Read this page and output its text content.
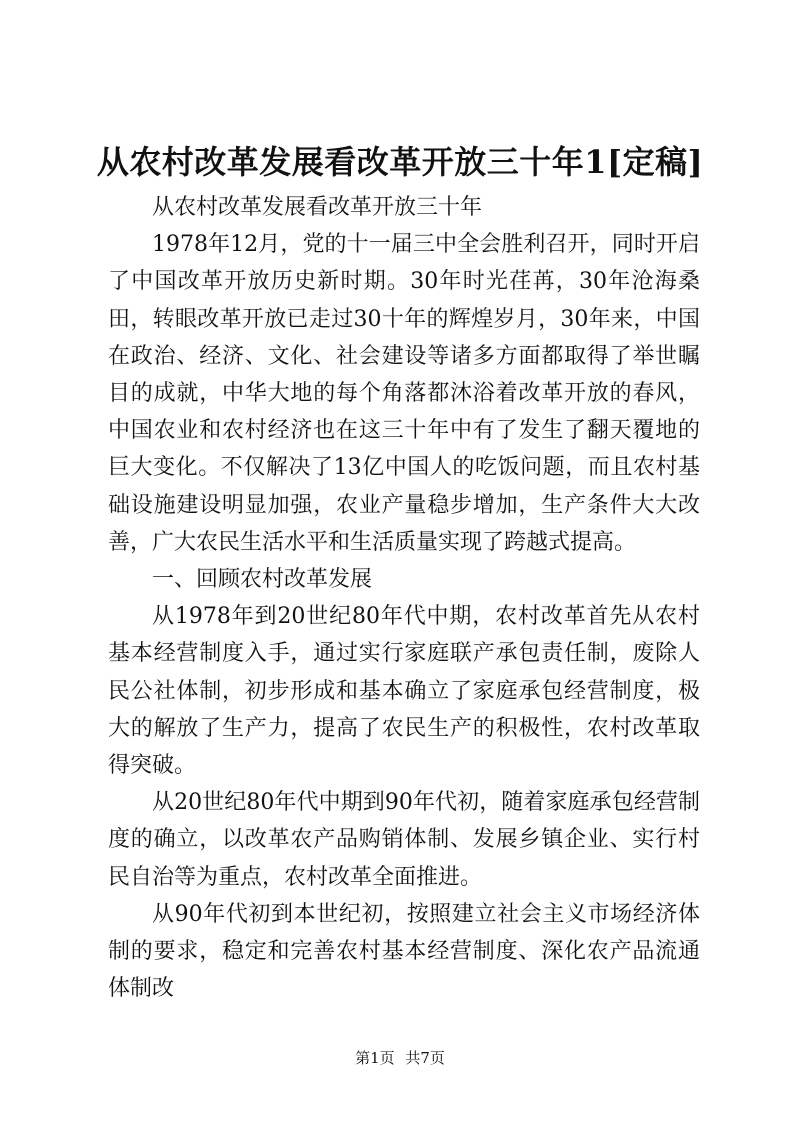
从农村改革发展看改革开放三十年1[定稿]

从农村改革发展看改革开放三十年

1978年12月，党的十一届三中全会胜利召开，同时开启了中国改革开放历史新时期。30年时光荏苒，30年沧海桑田，转眼改革开放已走过30十年的辉煌岁月，30年来，中国在政治、经济、文化、社会建设等诸多方面都取得了举世瞩目的成就，中华大地的每个角落都沐浴着改革开放的春风，中国农业和农村经济也在这三十年中有了发生了翻天覆地的巨大变化。不仅解决了13亿中国人的吃饭问题，而且农村基础设施建设明显加强，农业产量稳步增加，生产条件大大改善，广大农民生活水平和生活质量实现了跨越式提高。

一、回顾农村改革发展

从1978年到20世纪80年代中期，农村改革首先从农村基本经营制度入手，通过实行家庭联产承包责任制，废除人民公社体制，初步形成和基本确立了家庭承包经营制度，极大的解放了生产力，提高了农民生产的积极性，农村改革取得突破。

从20世纪80年代中期到90年代初，随着家庭承包经营制度的确立，以改革农产品购销体制、发展乡镇企业、实行村民自治等为重点，农村改革全面推进。

从90年代初到本世纪初，按照建立社会主义市场经济体制的要求，稳定和完善农村基本经营制度、深化农产品流通体制改

第1页 共7页
